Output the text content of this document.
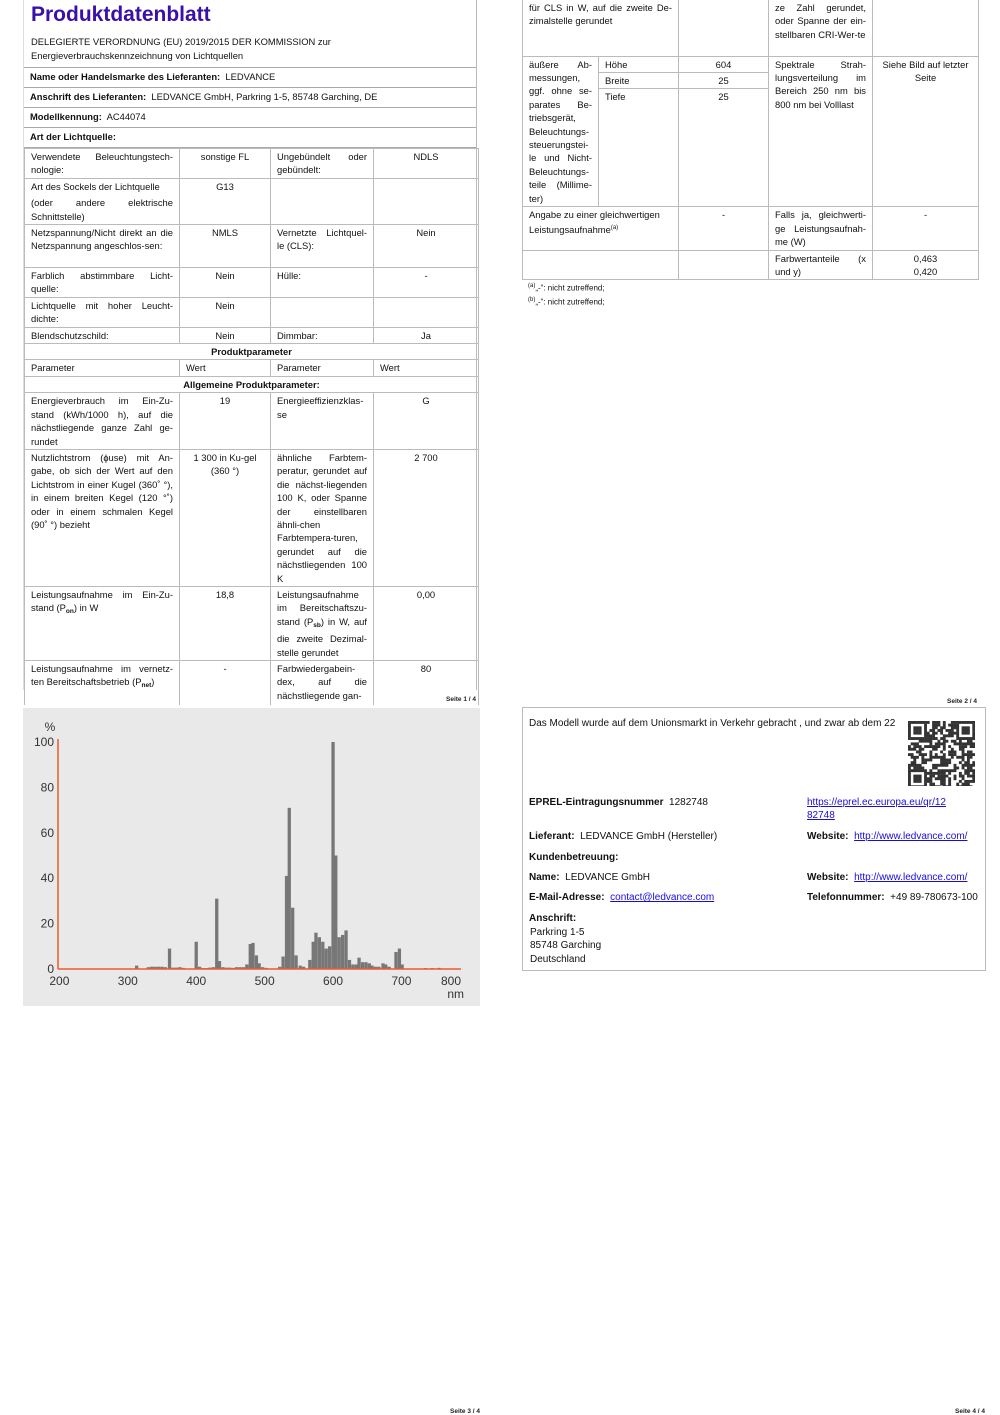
Produktdatenblatt
DELEGIERTE VERORDNUNG (EU) 2019/2015 DER KOMMISSION zur
Energieverbrauchskennzeichnung von Lichtquellen
Name oder Handelsmarke des Lieferanten: LEDVANCE
Anschrift des Lieferanten: LEDVANCE GmbH, Parkring 1-5, 85748 Garching, DE
Modellkennung: AC44074
Art der Lichtquelle:
Verwendete Beleuchtungstech-nologie:	sonstige FL	Ungebündelt oder gebündelt:	NDLS

Art des Sockels der Lichtquelle
(oder andere elektrische Schnittstelle)	G13		
Netzspannung/Nicht direkt an die Netzspannung angeschlos-sen:	NMLS	Vernetzte Lichtquel-le (CLS):	Nein
Farblich abstimmbare Licht-quelle:	Nein	Hülle:	-
Lichtquelle mit hoher Leucht-dichte:	Nein		
Blendschutzschild:	Nein	Dimmbar:	Ja
Produktparameter			
Parameter	Wert	Parameter	Wert
Allgemeine Produktparameter:			
Energieverbrauch im Ein-Zu-stand (kWh/1000 h), auf die nächstliegende ganze Zahl ge-rundet	19	Energieeffizienzklas-se	G
Nutzlichtstrom (ɸuse) mit An-gabe, ob sich der Wert auf den Lichtstrom in einer Kugel (360˚ °), in einem breiten Kegel (120 °˚) oder in einem schmalen Kegel (90˚ °) bezieht	1 300 in Ku-gel (360 °)	ähnliche Farbtem-peratur, gerundet auf die nächst-liegenden 100 K, oder Spanne der einstellbaren ähnli-chen Farbtempera-turen, gerundet auf die nächstliegenden 100 K	2 700
Leistungsaufnahme im Ein-Zu-stand $(P_{on})$ in W	18,8	Leistungsaufnahme im Bereitschaftszu-stand $(P_{sb})$ in W, auf die zweite Dezimal-stelle gerundet	0,00
Leistungsaufnahme im vernetz-ten Bereitschaftsbetrieb $(P_{net})$	-	Farbwiedergabein-dex, auf die nächstliegende gan-	80
Seite 1 / 4
für CLS in W, auf die zweite De-zimalstelle gerundet			ze Zahl gerundet, oder Spanne der ein-stellbaren CRI-Wer-te	
äußere Ab-messungen, ggf. ohne se-parates Be-triebsgerät, Beleuchtungs-steuerungstei-le und Nicht-Beleuchtungs-teile (Millime-ter)	Höhe	604	Spektrale Strah-lungsverteilung im Bereich 250 nm bis 800 nm bei Volllast	Siehe Bild auf letzter Seite
	Breite	25		
	Tiefe	25		
Angabe zu einer gleichwertigen Leistungsaufnahme$^{(a)}$		-	Falls ja, gleichwerti-ge Leistungsaufnah-me (W)	-
			Farbwertanteile (x und y)	0,463
0,420
$^{(a)}$„-“: nicht zutreffend;
$^{(b)}$„-“: nicht zutreffend;
Seite 2 / 4
200	300	400	500	600	700 800
0
20
40
60
80
100
%
nm
Seite 3 / 4
Das Modell wurde auf dem Unionsmarkt in Verkehr gebracht , und zwar ab dem 22
EPREL-Eintragungsnummer 1282748	https://eprel.ec.europa.eu/qr/12
82748
Lieferant: LEDVANCE GmbH (Hersteller)	Website: http://www.ledvance.com/
Kundenbetreuung:
Name: LEDVANCE GmbH	Website: http://www.ledvance.com/
E-Mail-Adresse: contact@ledvance.com	Telefonnummer: +49 89-780673-100
Anschrift:
Parkring 1-5
85748 Garching
Deutschland
Seite 4 / 4
